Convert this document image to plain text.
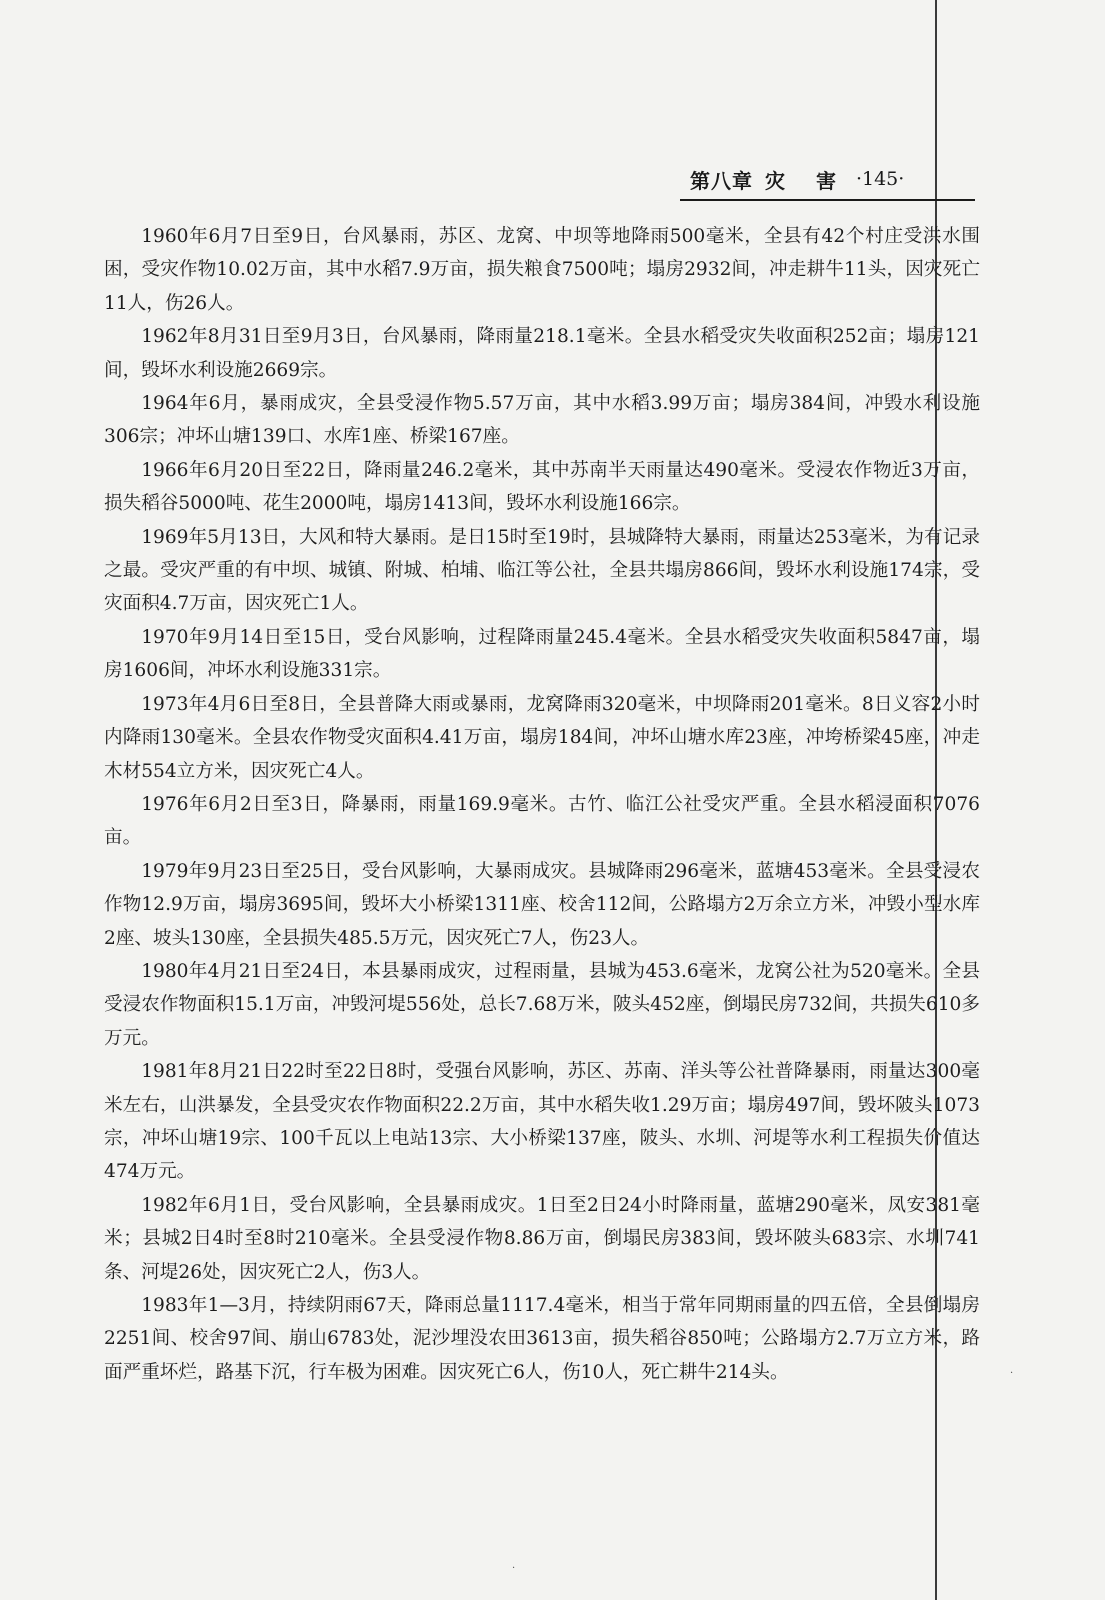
第八章 灾 害 ·145·

1960年6月7日至9日，台风暴雨，苏区、龙窝、中坝等地降雨500毫米，全县有42个村庄受洪水围困，受灾作物10.02万亩，其中水稻7.9万亩，损失粮食7500吨；塌房2932间，冲走耕牛11头，因灾死亡11人，伤26人。

1962年8月31日至9月3日，台风暴雨，降雨量218.1毫米。全县水稻受灾失收面积252亩；塌房121间，毁坏水利设施2669宗。

1964年6月，暴雨成灾，全县受浸作物5.57万亩，其中水稻3.99万亩；塌房384间，冲毁水利设施306宗；冲坏山塘139口、水库1座、桥梁167座。

1966年6月20日至22日，降雨量246.2毫米，其中苏南半天雨量达490毫米。受浸农作物近3万亩，损失稻谷5000吨、花生2000吨，塌房1413间，毁坏水利设施166宗。

1969年5月13日，大风和特大暴雨。是日15时至19时，县城降特大暴雨，雨量达253毫米，为有记录之最。受灾严重的有中坝、城镇、附城、柏埔、临江等公社，全县共塌房866间，毁坏水利设施174宗，受灾面积4.7万亩，因灾死亡1人。

1970年9月14日至15日，受台风影响，过程降雨量245.4毫米。全县水稻受灾失收面积5847亩，塌房1606间，冲坏水利设施331宗。

1973年4月6日至8日，全县普降大雨或暴雨，龙窝降雨320毫米，中坝降雨201毫米。8日义容2小时内降雨130毫米。全县农作物受灾面积4.41万亩，塌房184间，冲坏山塘水库23座，冲垮桥梁45座，冲走木材554立方米，因灾死亡4人。

1976年6月2日至3日，降暴雨，雨量169.9毫米。古竹、临江公社受灾严重。全县水稻浸面积7076亩。

1979年9月23日至25日，受台风影响，大暴雨成灾。县城降雨296毫米，蓝塘453毫米。全县受浸农作物12.9万亩，塌房3695间，毁坏大小桥梁1311座、校舍112间，公路塌方2万余立方米，冲毁小型水库2座、坡头130座，全县损失485.5万元，因灾死亡7人，伤23人。

1980年4月21日至24日，本县暴雨成灾，过程雨量，县城为453.6毫米，龙窝公社为520毫米。全县受浸农作物面积15.1万亩，冲毁河堤556处，总长7.68万米，陂头452座，倒塌民房732间，共损失610多万元。

1981年8月21日22时至22日8时，受强台风影响，苏区、苏南、洋头等公社普降暴雨，雨量达300毫米左右，山洪暴发，全县受灾农作物面积22.2万亩，其中水稻失收1.29万亩；塌房497间，毁坏陂头1073宗，冲坏山塘19宗、100千瓦以上电站13宗、大小桥梁137座，陂头、水圳、河堤等水利工程损失价值达474万元。

1982年6月1日，受台风影响，全县暴雨成灾。1日至2日24小时降雨量，蓝塘290毫米，凤安381毫米；县城2日4时至8时210毫米。全县受浸作物8.86万亩，倒塌民房383间，毁坏陂头683宗、水圳741条、河堤26处，因灾死亡2人，伤3人。

1983年1—3月，持续阴雨67天，降雨总量1117.4毫米，相当于常年同期雨量的四五倍，全县倒塌房2251间、校舍97间、崩山6783处，泥沙埋没农田3613亩，损失稻谷850吨；公路塌方2.7万立方米，路面严重坏烂，路基下沉，行车极为困难。因灾死亡6人，伤10人，死亡耕牛214头。	·
·
